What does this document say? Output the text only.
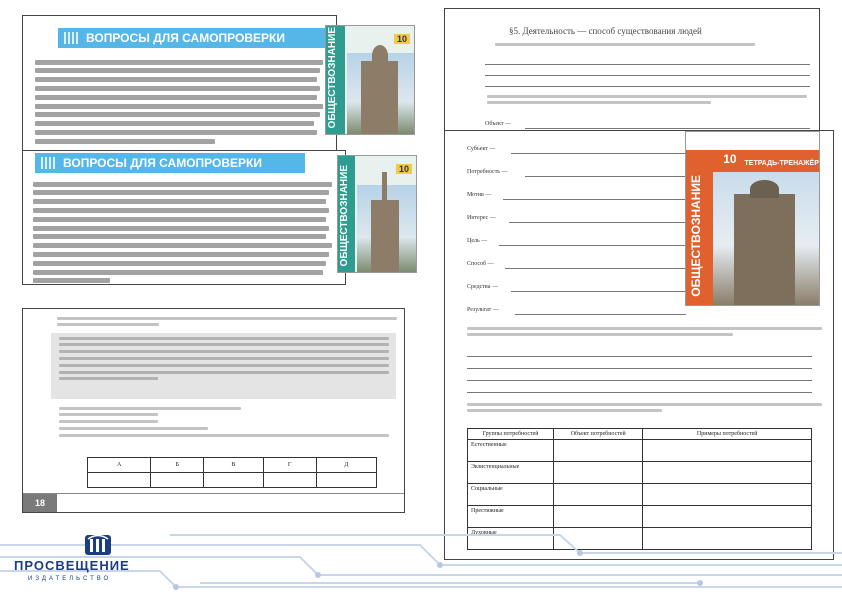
ВОПРОСЫ ДЛЯ САМОПРОВЕРКИ	ОБЩЕСТВОЗНАНИЕ	10
ВОПРОСЫ ДЛЯ САМОПРОВЕРКИ
ОБЩЕСТВОЗНАНИЕ	10
А	Б	В	Г	Д

18
§5. Деятельность — способ существования людей
Объект —
Субъект —
Потребность —
Мотив —
Интерес —
Цель —
Способ —
Средства —
Результат —
ОБЩЕСТВОЗНАНИЕ
10 ТЕТРАДЬ-ТРЕНАЖЁР
Группы потребностей	Объект потребностей	Примеры потребностей
Естественные		
Экзистенциальные		
Социальные		
Престижные		
Духовные		
ПРОСВЕЩЕНИЕ
ИЗДАТЕЛЬСТВО
